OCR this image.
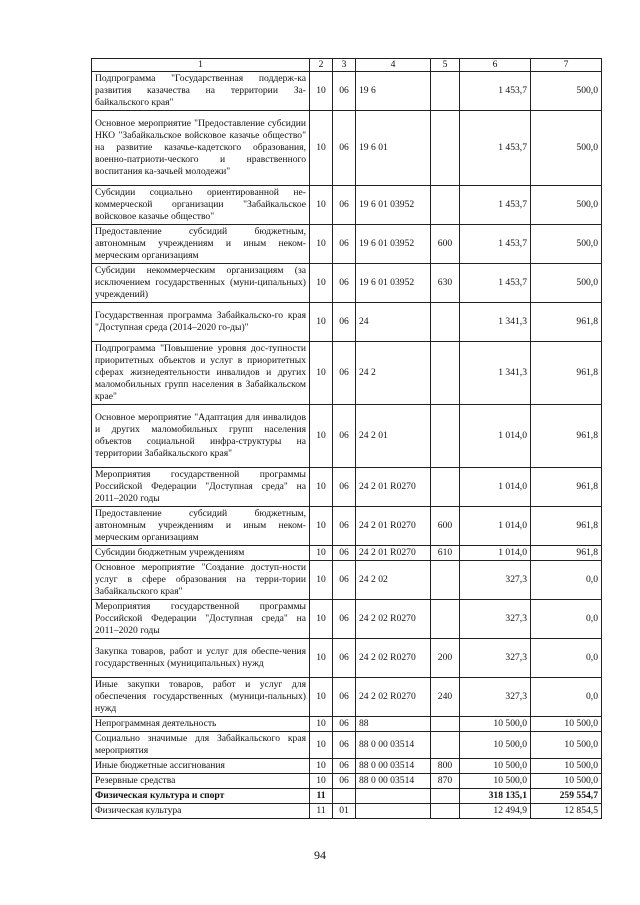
1	2	3	4	5	6	7
Подпрограмма "Государственная поддерж-ка развития казачества на территории За-байкальского края"	10	06	19 6		1 453,7	500,0
Основное мероприятие "Предоставление субсидии НКО "Забайкальское войсковое казачье общество" на развитие казачье-кадетского образования, военно-патриоти-ческого и нравственного воспитания ка-зачьей молодежи"	10	06	19 6 01		1 453,7	500,0
Субсидии социально ориентированной не-коммерческой организации "Забайкальское войсковое казачье общество"	10	06	19 6 01 03952		1 453,7	500,0
Предоставление субсидий бюджетным, автономным учреждениям и иным неком-мерческим организациям	10	06	19 6 01 03952	600	1 453,7	500,0
Субсидии некоммерческим организациям (за исключением государственных (муни-ципальных) учреждений)	10	06	19 6 01 03952	630	1 453,7	500,0
Государственная программа Забайкальско-го края "Доступная среда (2014–2020 го-ды)"	10	06	24		1 341,3	961,8
Подпрограмма "Повышение уровня дос-тупности приоритетных объектов и услуг в приоритетных сферах жизнедеятельности инвалидов и других маломобильных групп населения в Забайкальском крае"	10	06	24 2		1 341,3	961,8
Основное мероприятие "Адаптация для инвалидов и других маломобильных групп населения объектов социальной инфра-структуры на территории Забайкальского края"	10	06	24 2 01		1 014,0	961,8
Мероприятия государственной программы Российской Федерации "Доступная среда" на 2011–2020 годы	10	06	24 2 01 R0270		1 014,0	961,8
Предоставление субсидий бюджетным, автономным учреждениям и иным неком-мерческим организациям	10	06	24 2 01 R0270	600	1 014,0	961,8
Субсидии бюджетным учреждениям	10	06	24 2 01 R0270	610	1 014,0	961,8
Основное мероприятие "Создание доступ-ности услуг в сфере образования на терри-тории Забайкальского края"	10	06	24 2 02		327,3	0,0
Мероприятия государственной программы Российской Федерации "Доступная среда" на 2011–2020 годы	10	06	24 2 02 R0270		327,3	0,0
Закупка товаров, работ и услуг для обеспе-чения государственных (муниципальных) нужд	10	06	24 2 02 R0270	200	327,3	0,0
Иные закупки товаров, работ и услуг для обеспечения государственных (муници-пальных) нужд	10	06	24 2 02 R0270	240	327,3	0,0
Непрограммная деятельность	10	06	88		10 500,0	10 500,0
Социально значимые для Забайкальского края мероприятия	10	06	88 0 00 03514		10 500,0	10 500,0
Иные бюджетные ассигнования	10	06	88 0 00 03514	800	10 500,0	10 500,0
Резервные средства	10	06	88 0 00 03514	870	10 500,0	10 500,0
Физическая культура и спорт	11				318 135,1	259 554,7
Физическая культура	11	01			12 494,9	12 854,5
94
